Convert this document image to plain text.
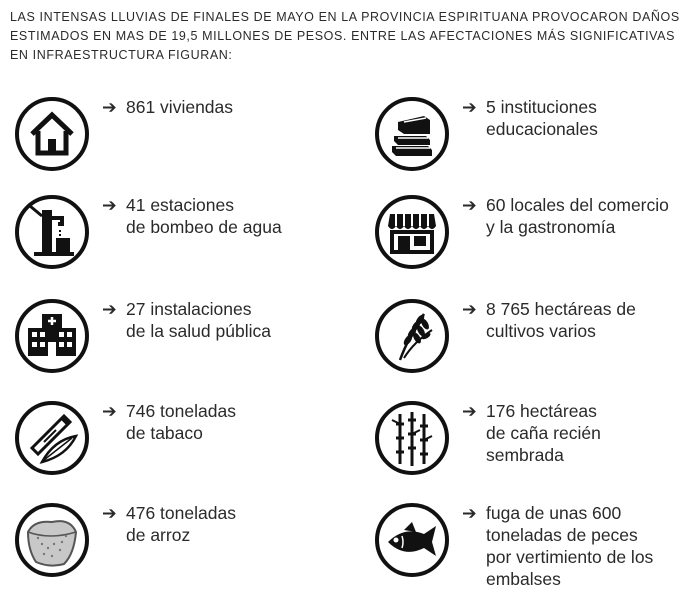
LAS INTENSAS LLUVIAS DE FINALES DE MAYO EN LA PROVINCIA ESPIRITUANA PROVOCARON DAÑOS
ESTIMADOS EN MAS DE 19,5 MILLONES DE PESOS. ENTRE LAS AFECTACIONES MÁS SIGNIFICATIVAS
EN INFRAESTRUCTURA FIGURAN:
➔ 861 viviendas	➔ 5 instituciones
educacionales
➔ 41 estaciones
de bombeo de agua
➔ 60 locales del comercio
y la gastronomía
➔ 27 instalaciones
de la salud pública
➔ 8 765 hectáreas de
cultivos varios
➔ 746 toneladas
de tabaco
➔ 176 hectáreas
de caña recién
sembrada
➔ 476 toneladas
de arroz
➔ fuga de unas 600
toneladas de peces
por vertimiento de los
embalses
